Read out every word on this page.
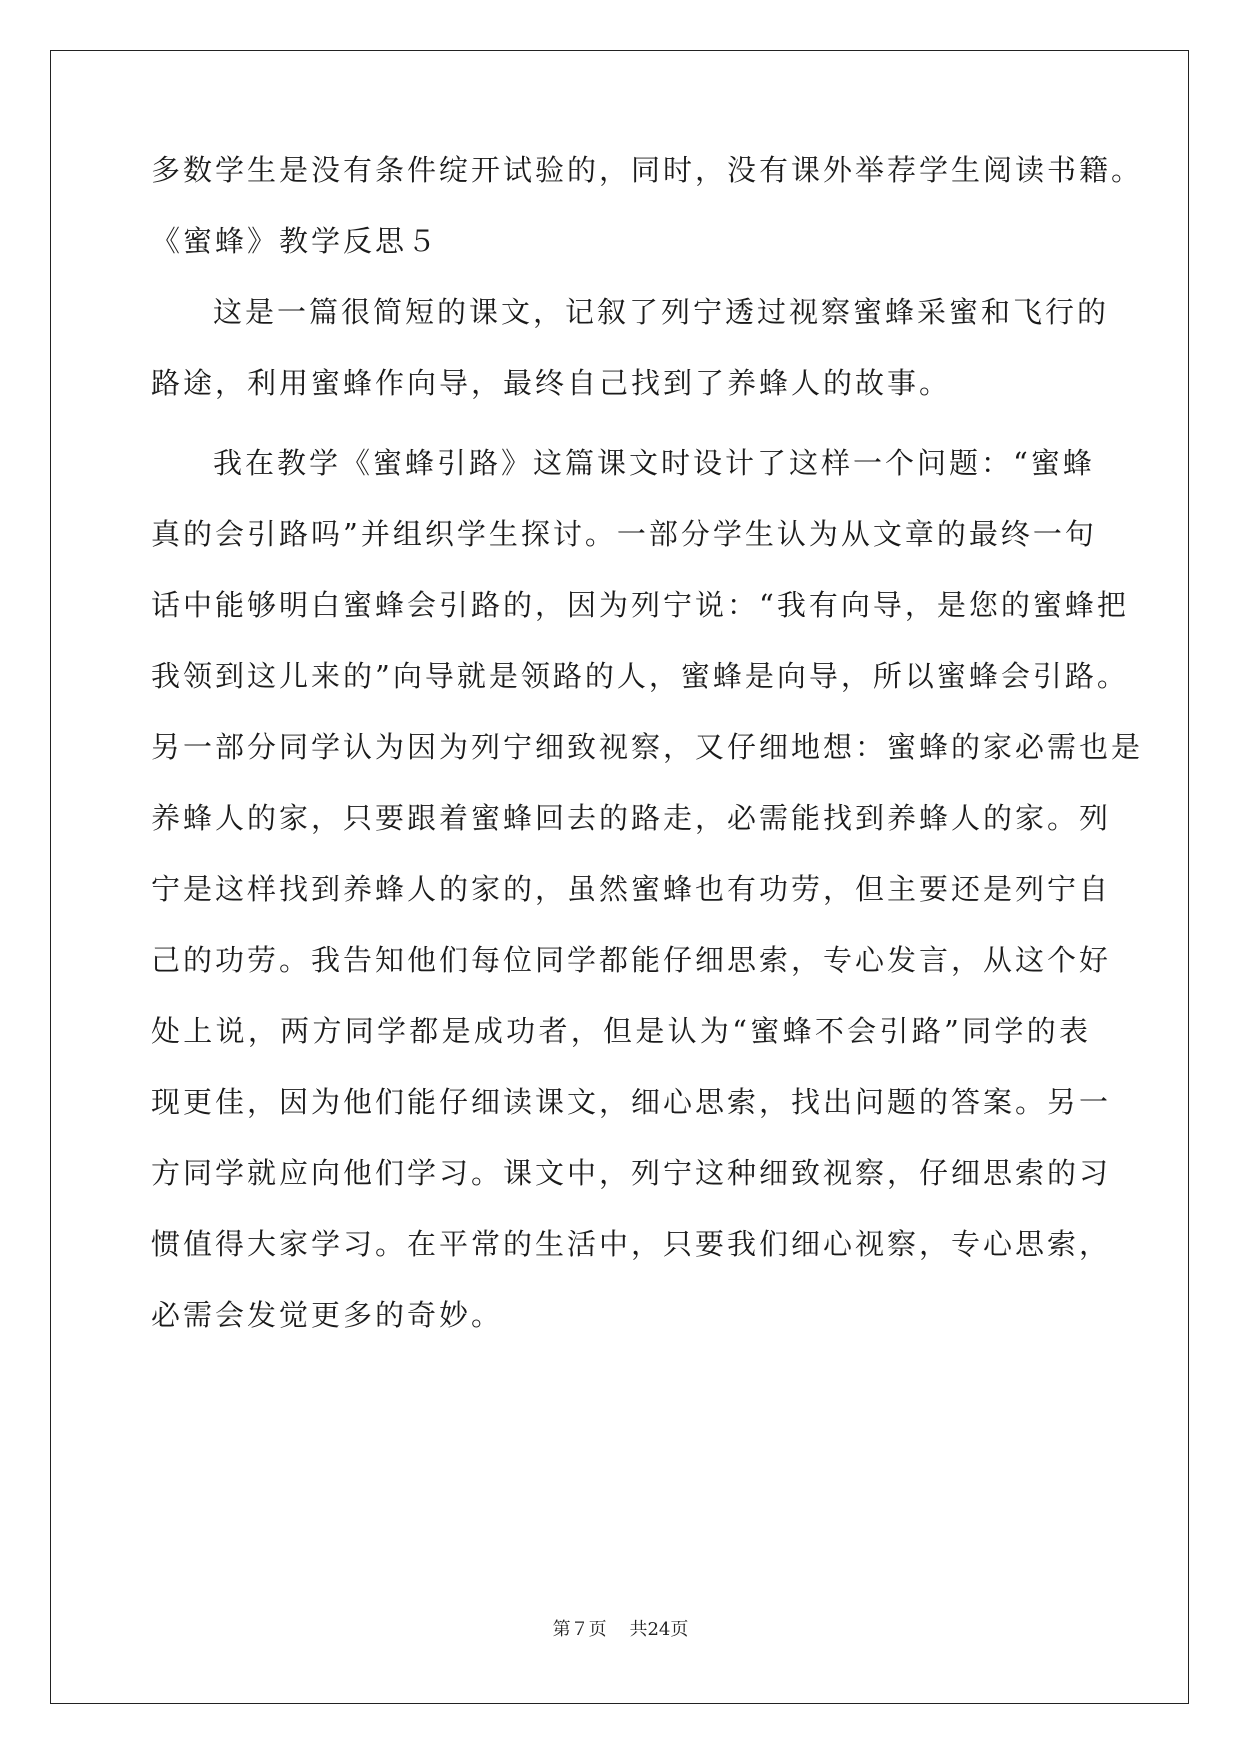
多数学生是没有条件绽开试验的，同时，没有课外举荐学生阅读书籍。
《蜜蜂》教学反思５
这是一篇很简短的课文，记叙了列宁透过视察蜜蜂采蜜和飞行的
路途，利用蜜蜂作向导，最终自己找到了养蜂人的故事。
我在教学《蜜蜂引路》这篇课文时设计了这样一个问题：“蜜蜂
真的会引路吗”并组织学生探讨。一部分学生认为从文章的最终一句
话中能够明白蜜蜂会引路的，因为列宁说：“我有向导，是您的蜜蜂把
我领到这儿来的”向导就是领路的人，蜜蜂是向导，所以蜜蜂会引路。
另一部分同学认为因为列宁细致视察，又仔细地想：蜜蜂的家必需也是
养蜂人的家，只要跟着蜜蜂回去的路走，必需能找到养蜂人的家。列
宁是这样找到养蜂人的家的，虽然蜜蜂也有功劳，但主要还是列宁自
己的功劳。我告知他们每位同学都能仔细思索，专心发言，从这个好
处上说，两方同学都是成功者，但是认为“蜜蜂不会引路”同学的表
现更佳，因为他们能仔细读课文，细心思索，找出问题的答案。另一
方同学就应向他们学习。课文中，列宁这种细致视察，仔细思索的习
惯值得大家学习。在平常的生活中，只要我们细心视察，专心思索，
必需会发觉更多的奇妙。
第７页 共24页
